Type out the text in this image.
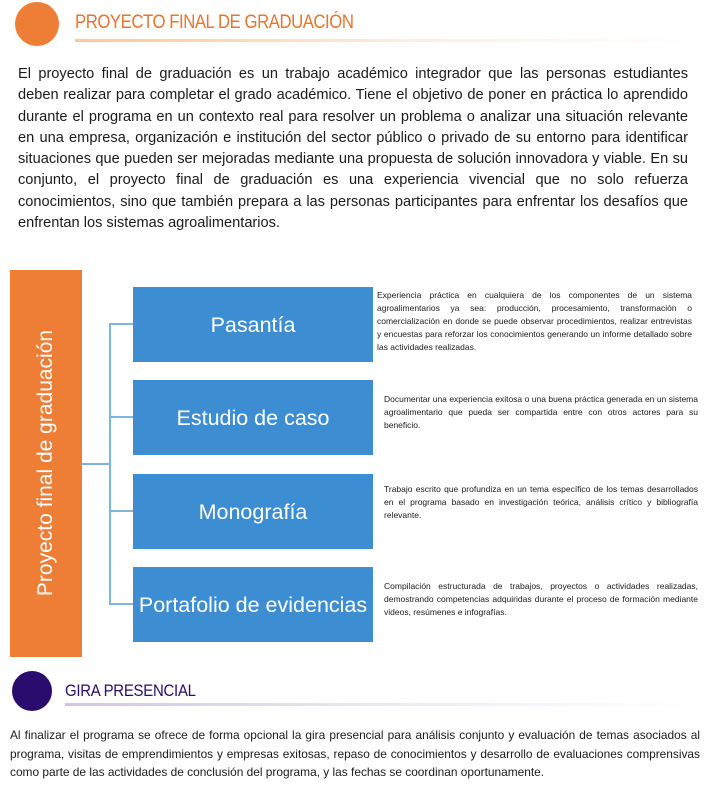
PROYECTO FINAL DE GRADUACIÓN

El proyecto final de graduación es un trabajo académico integrador que las personas estudiantes deben realizar para completar el grado académico. Tiene el objetivo de poner en práctica lo aprendido durante el programa en un contexto real para resolver un problema o analizar una situación relevante en una empresa, organización e institución del sector público o privado de su entorno para identificar situaciones que pueden ser mejoradas mediante una propuesta de solución innovadora y viable. En su conjunto, el proyecto final de graduación es una experiencia vivencial que no solo refuerza conocimientos, sino que también prepara a las personas participantes para enfrentar los desafíos que enfrentan los sistemas agroalimentarios.

Proyecto final de graduación
Pasantía
Estudio de caso
Monografía
Portafolio de evidencias

Experiencia práctica en cualquiera de los componentes de un sistema agroalimentarios ya sea: producción, procesamiento, transformación o comercialización en donde se puede observar procedimientos, realizar entrevistas y encuestas para reforzar los conocimientos generando un informe detallado sobre las actividades realizadas.

Documentar una experiencia exitosa o una buena práctica generada en un sistema agroalimentario que pueda ser compartida entre con otros actores para su beneficio.

Trabajo escrito que profundiza en un tema específico de los temas desarrollados en el programa basado en investigación teórica, análisis crítico y bibliografía relevante.

Compilación estructurada de trabajos, proyectos o actividades realizadas, demostrando competencias adquiridas durante el proceso de formación mediante videos, resúmenes e infografías.

GIRA PRESENCIAL

Al finalizar el programa se ofrece de forma opcional la gira presencial para análisis conjunto y evaluación de temas asociados al programa, visitas de emprendimientos y empresas exitosas, repaso de conocimientos y desarrollo de evaluaciones comprensivas como parte de las actividades de conclusión del programa, y las fechas se coordinan oportunamente.
